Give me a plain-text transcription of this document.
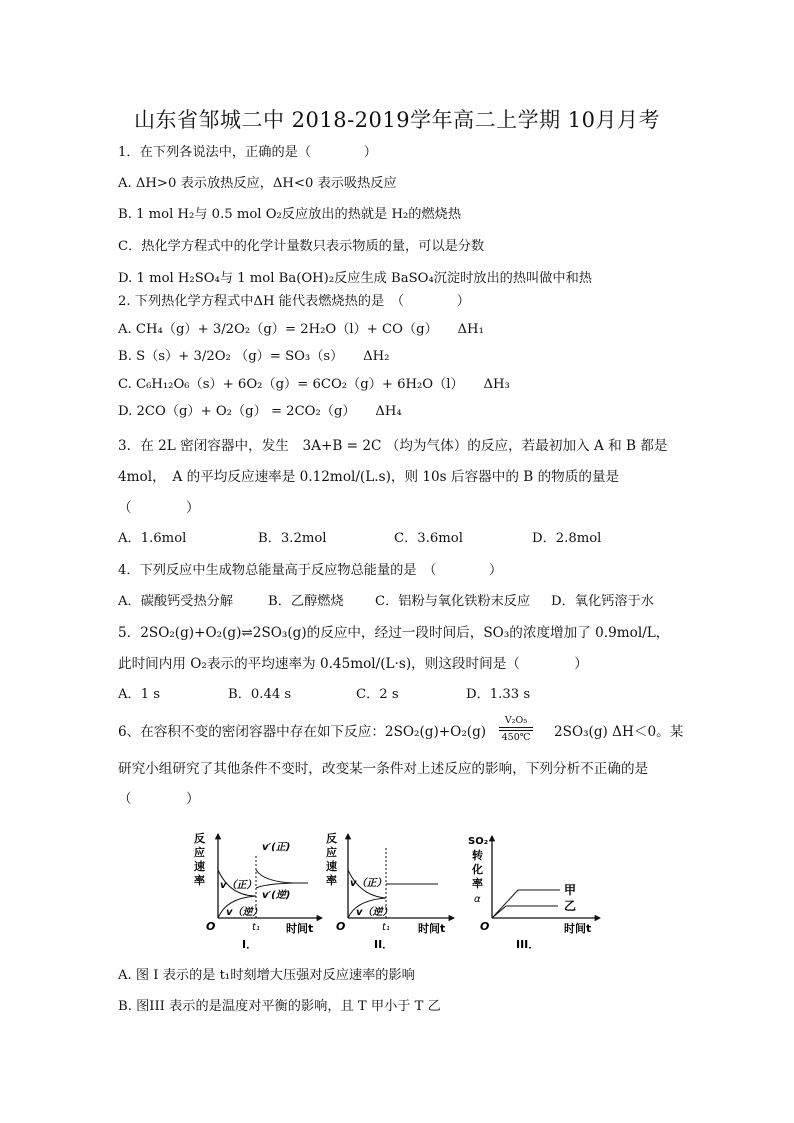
山东省邹城二中 2018-2019学年高二上学期 10月月考
1．在下列各说法中，正确的是（　　　　）
A. ΔH>0 表示放热反应，ΔH<0 表示吸热反应
B. 1 mol H₂与 0.5 mol O₂反应放出的热就是 H₂的燃烧热
C．热化学方程式中的化学计量数只表示物质的量，可以是分数
D. 1 mol H₂SO₄与 1 mol Ba(OH)₂反应生成 BaSO₄沉淀时放出的热叫做中和热
2. 下列热化学方程式中ΔH 能代表燃烧热的是　（　　　　）
A. CH₄（g）+ 3/2O₂（g）= 2H₂O（l）+ CO（g）　　ΔH₁
B. S（s）+ 3/2O₂ （g）= SO₃（s）　　ΔH₂
C. C₆H₁₂O₆（s）+ 6O₂（g）= 6CO₂（g）+ 6H₂O（l）　　ΔH₃
D. 2CO（g）+ O₂（g） = 2CO₂（g）　　ΔH₄
3．在 2L 密闭容器中，发生　3A+B = 2C （均为气体）的反应，若最初加入 A 和 B 都是
4mol，　A 的平均反应速率是 0.12mol/(L.s)，则 10s 后容器中的 B 的物质的量是
（　　　　）
A．1.6mol	B．3.2mol	C．3.6mol	D．2.8mol
4．下列反应中生成物总能量高于反应物总能量的是　（　　　　）
A．碳酸钙受热分解	B．乙醇燃烧 C．铝粉与氧化铁粉末反应 D．氧化钙溶于水
5．2SO₂(g)+O₂(g)⇌2SO₃(g)的反应中，经过一段时间后，SO₃的浓度增加了 0.9mol/L，
此时间内用 O₂表示的平均速率为 0.45mol/(L·s)，则这段时间是（　　　　）
A．1 s	B．0.44 s	C．2 s	D．1.33 s
6、在容积不变的密闭容器中存在如下反应：2SO₂(g)+O₂(g)
V₂O₅
450℃ 2SO₃(g) ΔH＜0。某
研究小组研究了其他条件不变时，改变某一条件对上述反应的影响，下列分析不正确的是
（　　　　）
反
应
速
率 v（正）
v（逆）
v′(正)
v′(逆)
O	t₁ 时间t
I．
反
应
速
率 v（正）
v（逆）
O	t₁	时间t
II．
SO₂
转
化
率
α
甲
乙
O	时间t
III．
A. 图 I 表示的是 t₁时刻增大压强对反应速率的影响
B. 图III 表示的是温度对平衡的影响，且 T 甲小于 T 乙
